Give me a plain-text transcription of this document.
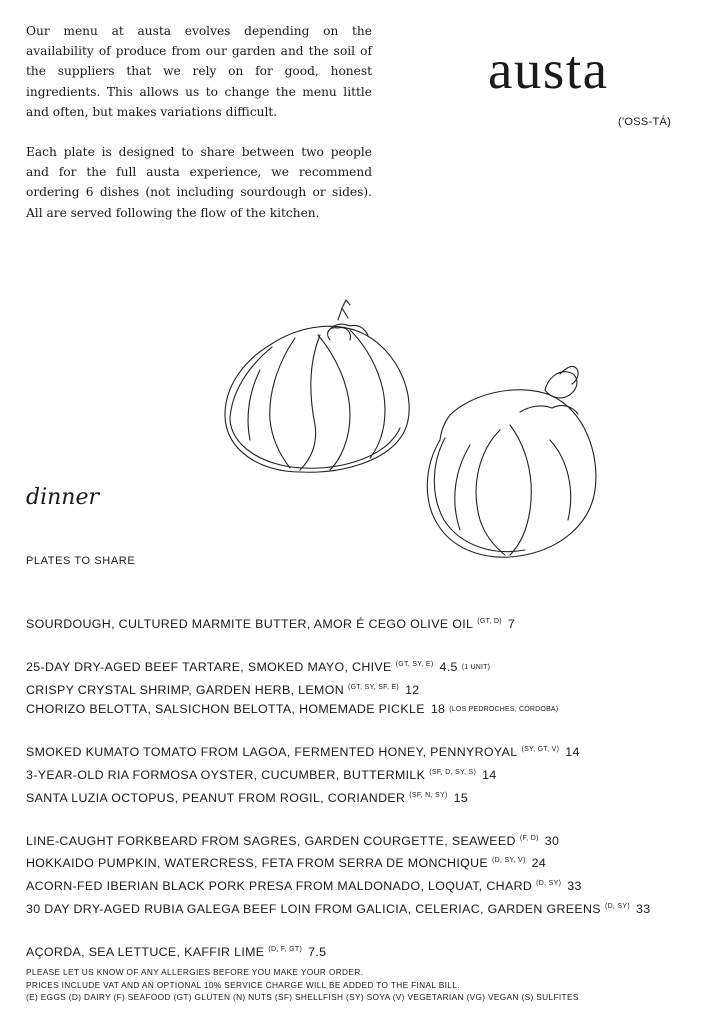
Our menu at austa evolves depending on the availability of produce from our garden and the soil of the suppliers that we rely on for good, honest ingredients. This allows us to change the menu little and often, but makes variations difficult.

Each plate is designed to share between two people and for the full austa experience, we recommend ordering 6 dishes (not including sourdough or sides). All are served following the flow of the kitchen.

austa
('OSS-TÁ)
dinner
PLATES TO SHARE
SOURDOUGH, CULTURED MARMITE BUTTER, AMOR É CEGO OLIVE OIL $^{(GT, D)}$ 7
25-DAY DRY-AGED BEEF TARTARE, SMOKED MAYO, CHIVE $^{(GT, SY, E)}$ 4.5 (1 UNIT)
CRISPY CRYSTAL SHRIMP, GARDEN HERB, LEMON $^{(GT, SY, SF, E)}$ 12
CHORIZO BELOTTA, SALSICHON BELOTTA, HOMEMADE PICKLE 18 (LOS PEDROCHES, CÓRDOBA)
SMOKED KUMATO TOMATO FROM LAGOA, FERMENTED HONEY, PENNYROYAL $^{(SY, GT, V)}$ 14
3-YEAR-OLD RIA FORMOSA OYSTER, CUCUMBER, BUTTERMILK $^{(SF, D, SY, S)}$ 14
SANTA LUZIA OCTOPUS, PEANUT FROM ROGIL, CORIANDER $^{(SF, N, SY)}$ 15
LINE-CAUGHT FORKBEARD FROM SAGRES, GARDEN COURGETTE, SEAWEED $^{(F, D)}$ 30
HOKKAIDO PUMPKIN, WATERCRESS, FETA FROM SERRA DE MONCHIQUE $^{(D, SY, V)}$ 24
ACORN-FED IBERIAN BLACK PORK PRESA FROM MALDONADO, LOQUAT, CHARD $^{(D, SY)}$ 33
30 DAY DRY-AGED RUBIA GALEGA BEEF LOIN FROM GALICIA, CELERIAC, GARDEN GREENS $^{(D, SY)}$ 33
AÇORDA, SEA LETTUCE, KAFFIR LIME $^{(D, F, GT)}$ 7.5
PLEASE LET US KNOW OF ANY ALLERGIES BEFORE YOU MAKE YOUR ORDER.
PRICES INCLUDE VAT AND AN OPTIONAL 10% SERVICE CHARGE WILL BE ADDED TO THE FINAL BILL.
(E) EGGS (D) DAIRY (F) SEAFOOD (GT) GLUTEN (N) NUTS (SF) SHELLFISH (SY) SOYA (V) VEGETARIAN (VG) VEGAN (S) SULFITES
